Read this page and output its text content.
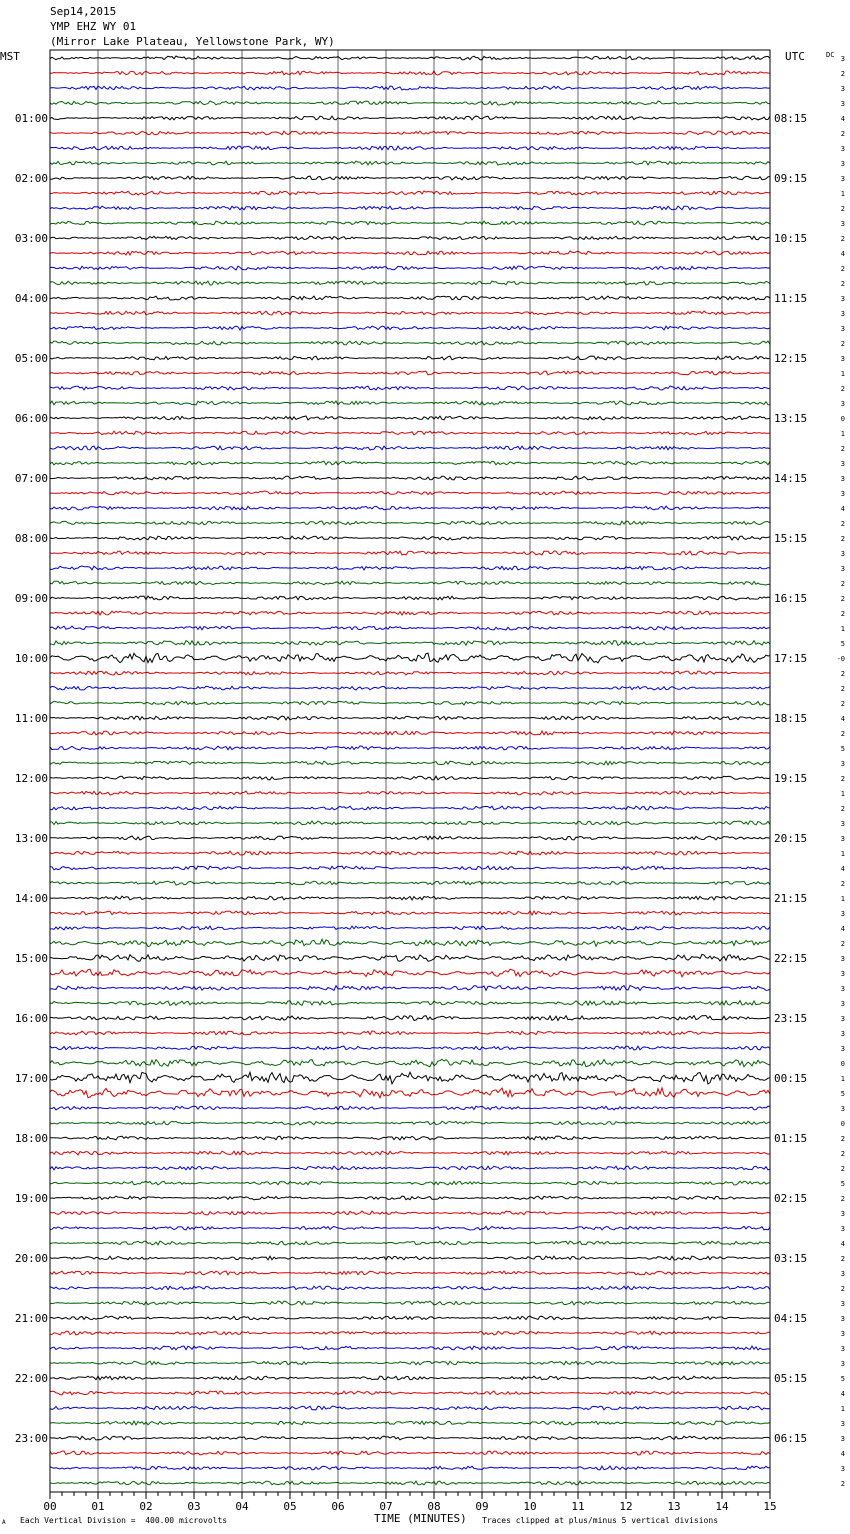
Sep14,2015
YMP EHZ WY 01
(Mirror Lake Plateau, Yellowstone Park, WY)
MST	UTC	DC
01:00	08:15
02:00	09:15
03:00	10:15
04:00	11:15
05:00	12:15
06:00	13:15
07:00	14:15
08:00	15:15
09:00	16:15
10:00	17:15
11:00	18:15
12:00	19:15
13:00	20:15
14:00	21:15
15:00	22:15
16:00	23:15
17:00	00:15
18:00	01:15
19:00	02:15
20:00	03:15
21:00	04:15
22:00	05:15
23:00	06:15
3
2
3
3
4
2
3
3
3
1
2
3
2
4
2
2
3
3
3
2
3
1
2
3
0
1
2
3
3
3
4
2
2
3
3
2
2
2
1
5
-0
2
2
2
4
2
5
3
2
1
2
3
3
1
4
2
1
3
4
2
3
3
3
3
3
3
3
0
1
5
3
0
2
2
2
5
2
3
3
4
2
3
2
3
3
3
3
3
5
4
1
3
3
4
3
2
00	01	02	03	04	05	06	07	08	09	10	11	12	13	14	15
A Each Vertical Division =  400.00 microvolts	TIME (MINUTES) Traces clipped at plus/minus 5 vertical divisions
